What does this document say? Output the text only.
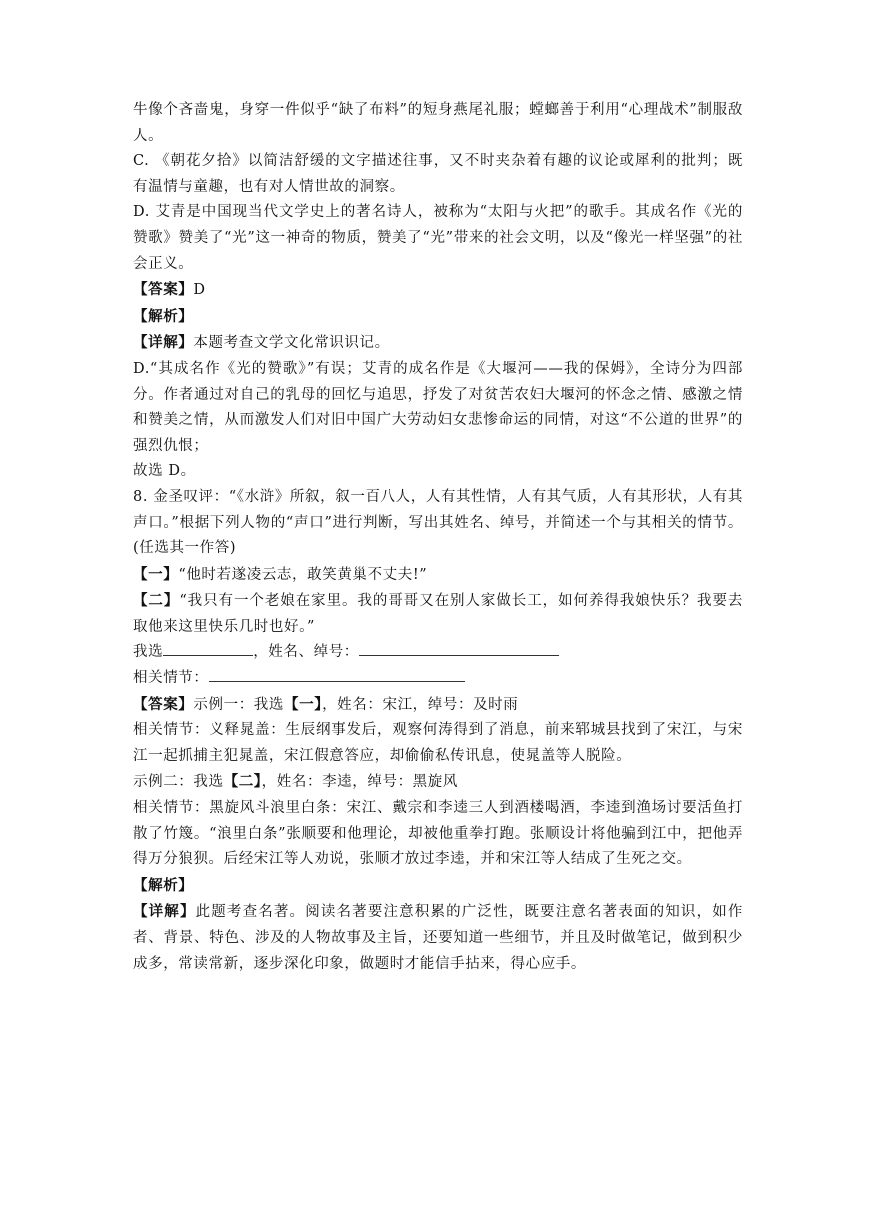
牛像个吝啬鬼，身穿一件似乎“缺了布料”的短身燕尾礼服；螳螂善于利用“心理战术”制服敌人。

C. 《朝花夕拾》以简洁舒缓的文字描述往事，又不时夹杂着有趣的议论或犀利的批判；既有温情与童趣，也有对人情世故的洞察。

D. 艾青是中国现当代文学史上的著名诗人，被称为“太阳与火把”的歌手。其成名作《光的赞歌》赞美了“光”这一神奇的物质，赞美了“光”带来的社会文明，以及“像光一样坚强”的社会正义。

【答案】D

【解析】

【详解】本题考查文学文化常识识记。

D.“其成名作《光的赞歌》”有误；艾青的成名作是《大堰河——我的保姆》，全诗分为四部分。作者通过对自己的乳母的回忆与追思，抒发了对贫苦农妇大堰河的怀念之情、感激之情和赞美之情，从而激发人们对旧中国广大劳动妇女悲惨命运的同情，对这“不公道的世界”的强烈仇恨；

故选 D。

8. 金圣叹评：“《水浒》所叙，叙一百八人，人有其性情，人有其气质，人有其形状，人有其声口。”根据下列人物的“声口”进行判断，写出其姓名、绰号，并简述一个与其相关的情节。(任选其一作答)

【一】“他时若遂凌云志，敢笑黄巢不丈夫!”

【二】“我只有一个老娘在家里。我的哥哥又在别人家做长工，如何养得我娘快乐？我要去取他来这里快乐几时也好。”

我选	，姓名、绰号：

相关情节：

【答案】示例一：我选【一】，姓名：宋江，绰号：及时雨

相关情节：义释晁盖：生辰纲事发后，观察何涛得到了消息，前来郓城县找到了宋江，与宋江一起抓捕主犯晁盖，宋江假意答应，却偷偷私传讯息，使晁盖等人脱险。

示例二：我选【二】，姓名：李逵，绰号：黑旋风

相关情节：黑旋风斗浪里白条：宋江、戴宗和李逵三人到酒楼喝酒，李逵到渔场讨要活鱼打散了竹篾。“浪里白条”张顺要和他理论，却被他重拳打跑。张顺设计将他骗到江中，把他弄得万分狼狈。后经宋江等人劝说，张顺才放过李逵，并和宋江等人结成了生死之交。

【解析】

【详解】此题考查名著。阅读名著要注意积累的广泛性，既要注意名著表面的知识，如作者、背景、特色、涉及的人物故事及主旨，还要知道一些细节，并且及时做笔记，做到积少成多，常读常新，逐步深化印象，做题时才能信手拈来，得心应手。
